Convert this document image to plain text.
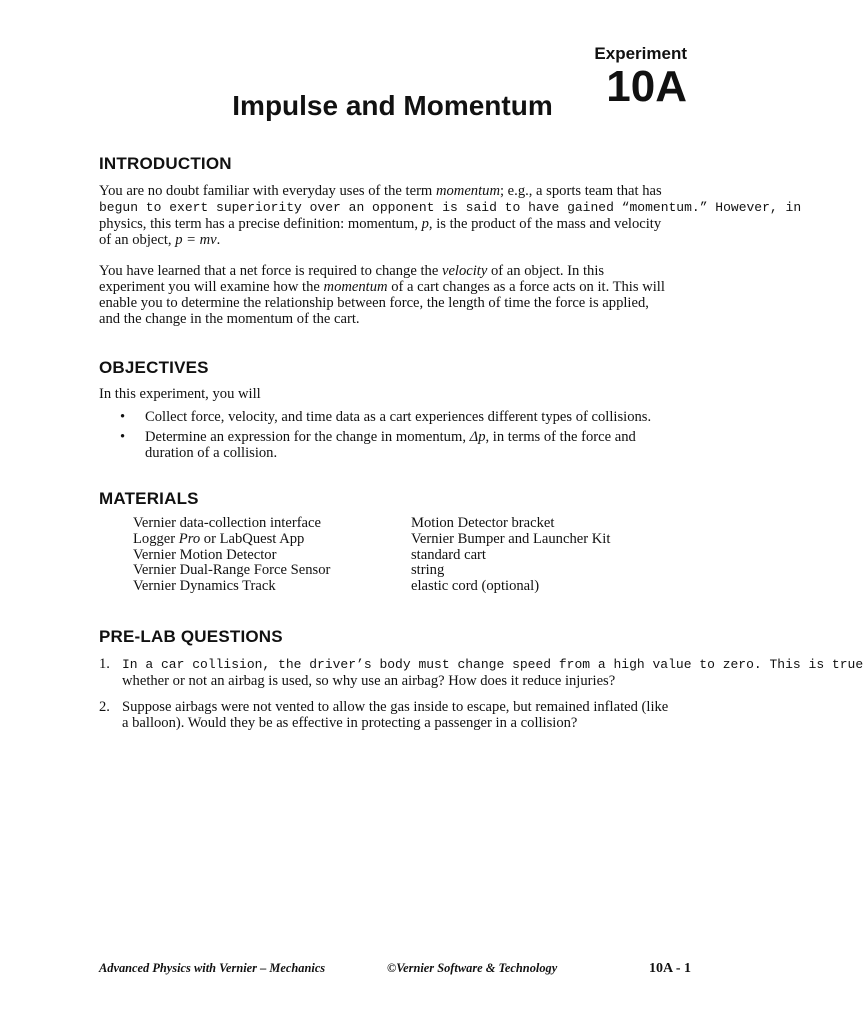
Experiment
10A
Impulse and Momentum
INTRODUCTION

You are no doubt familiar with everyday uses of the term momentum; e.g., a sports team that has

begun to exert superiority over an opponent is said to have gained “momentum.” However, in

physics, this term has a precise definition: momentum, p, is the product of the mass and velocity

of an object, p = mv.

You have learned that a net force is required to change the velocity of an object. In this

experiment you will examine how the momentum of a cart changes as a force acts on it. This will

enable you to determine the relationship between force, the length of time the force is applied,

and the change in the momentum of the cart.

OBJECTIVES

In this experiment, you will

• Collect force, velocity, and time data as a cart experiences different types of collisions.

• Determine an expression for the change in momentum, Δp, in terms of the force and

duration of a collision.

MATERIALS
Vernier data-collection interface
Logger Pro or LabQuest App
Vernier Motion Detector
Vernier Dual-Range Force Sensor
Vernier Dynamics Track
Motion Detector bracket
Vernier Bumper and Launcher Kit
standard cart
string
elastic cord (optional)
PRE-LAB QUESTIONS
1. In a car collision, the driver’s body must change speed from a high value to zero. This is true

whether or not an airbag is used, so why use an airbag? How does it reduce injuries?

2. Suppose airbags were not vented to allow the gas inside to escape, but remained inflated (like

a balloon). Would they be as effective in protecting a passenger in a collision?

Advanced Physics with Vernier – Mechanics	©Vernier Software & Technology	10A - 1
